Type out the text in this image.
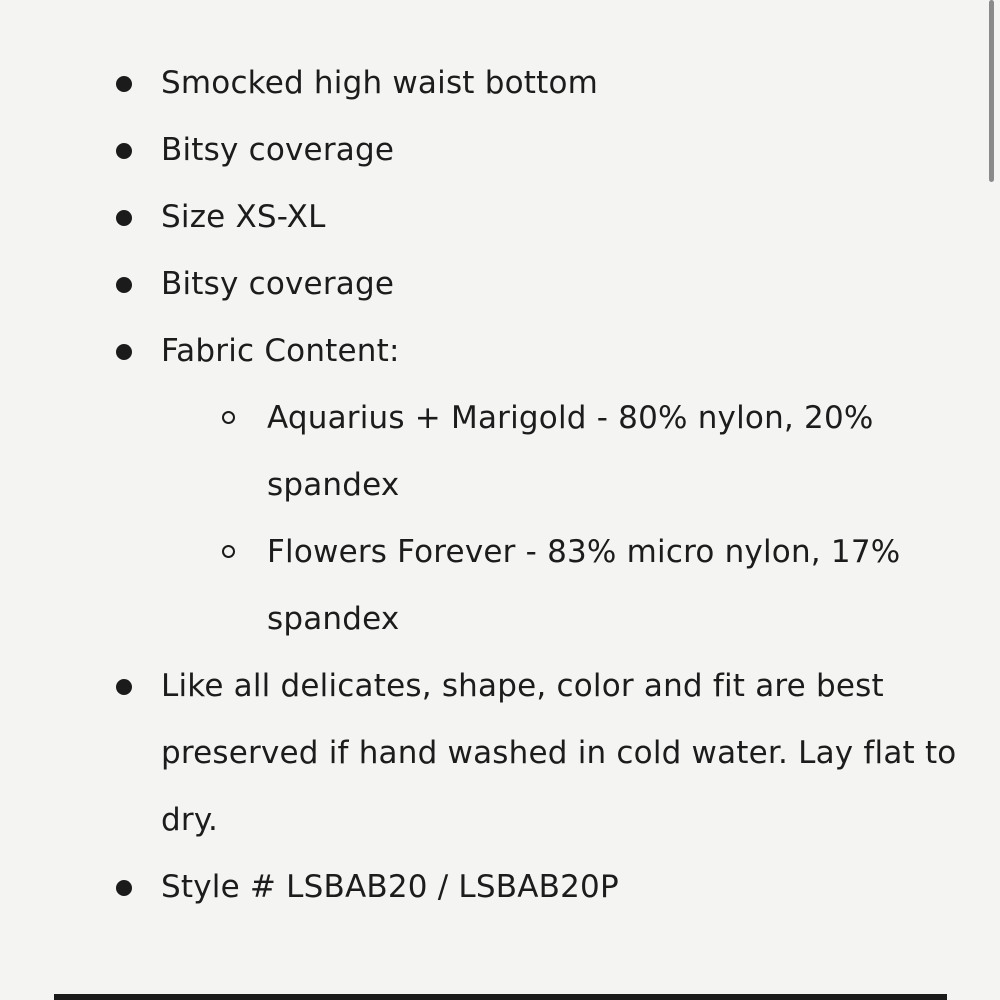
Smocked high waist bottom
Bitsy coverage
Size XS-XL
Bitsy coverage
Fabric Content:
Aquarius + Marigold - 80% nylon, 20%
spandex
Flowers Forever - 83% micro nylon, 17%
spandex
Like all delicates, shape, color and fit are best
preserved if hand washed in cold water. Lay flat to
dry.
Style # LSBAB20 / LSBAB20P
